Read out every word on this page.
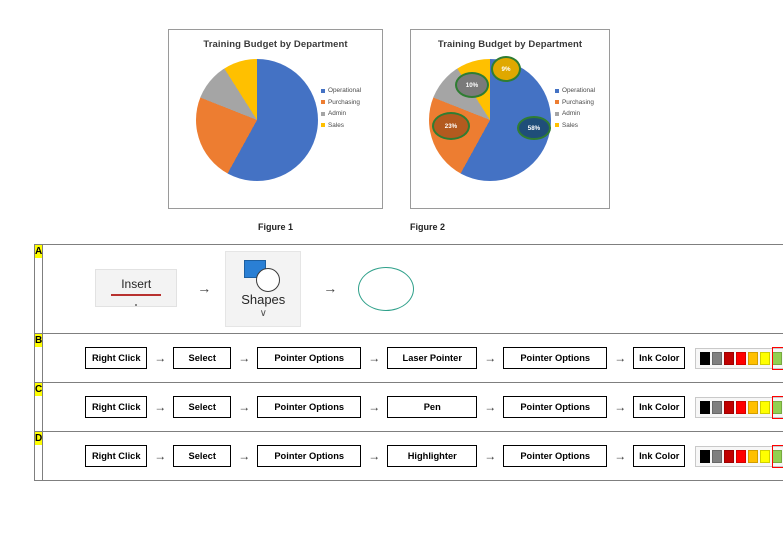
Training Budget by Department
Operational
Purchasing
Admin
Sales
Training Budget by Department
58%
23%
10%
9%
Operational
Purchasing
Admin
Sales
Figure 1	Figure 2
A	Insert →
Shapes
∨
→

B

Right Click	→	Select	→	Pointer Options	→	Laser Pointer	→	Pointer Options	→	Ink Color

C

Right Click	→	Select	→	Pointer Options	→	Pen	→	Pointer Options	→	Ink Color

D

Right Click	→	Select	→	Pointer Options	→	Highlighter	→	Pointer Options	→	Ink Color
